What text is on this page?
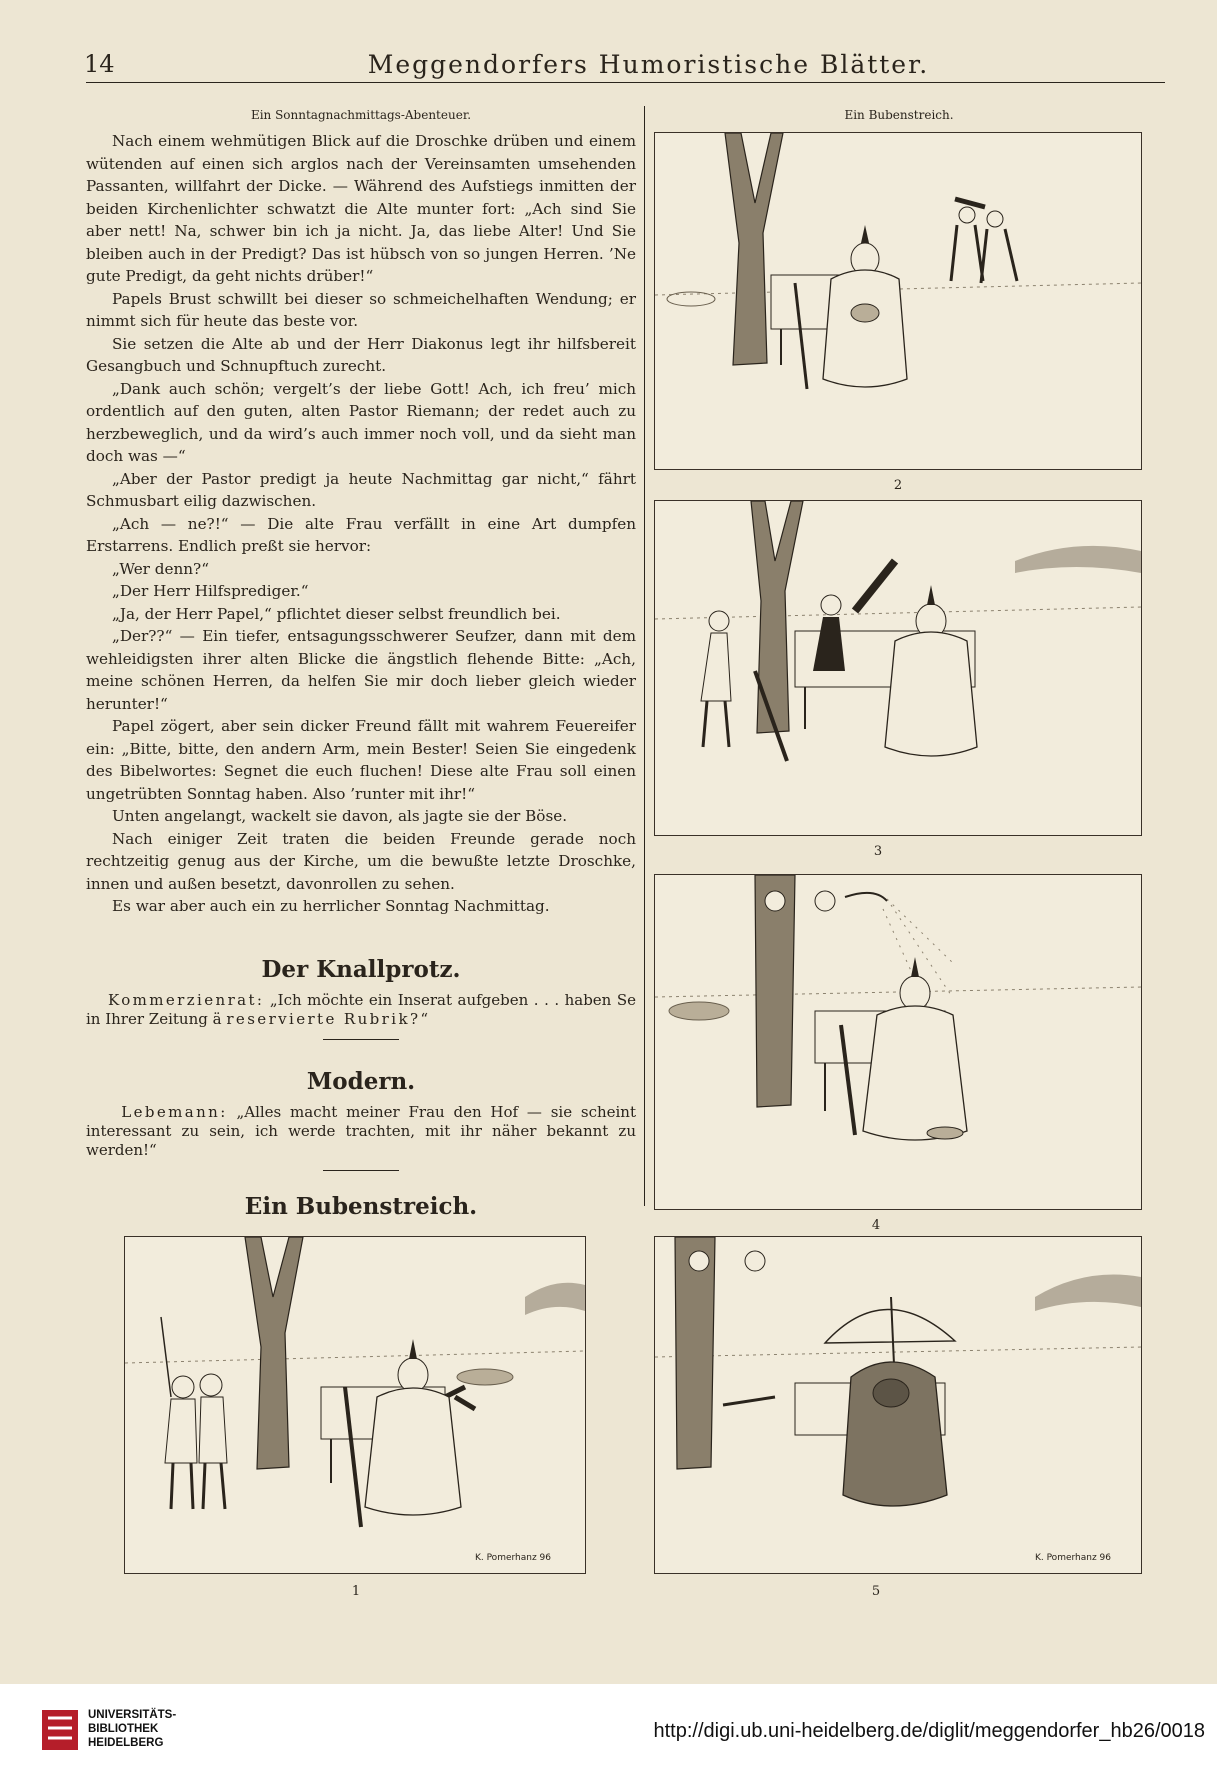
14	Meggendorfers Humoristische Blätter.
Ein Sonntagnachmittags-Abenteuer.

Nach einem wehmütigen Blick auf die Droschke drüben und einem wütenden auf einen sich arglos nach der Vereinsamten umsehenden Passanten, willfahrt der Dicke. — Während des Aufstiegs inmitten der beiden Kirchenlichter schwatzt die Alte munter fort: „Ach sind Sie aber nett! Na, schwer bin ich ja nicht. Ja, das liebe Alter! Und Sie bleiben auch in der Predigt? Das ist hübsch von so jungen Herren. ’Ne gute Predigt, da geht nichts drüber!“

Papels Brust schwillt bei dieser so schmeichelhaften Wendung; er nimmt sich für heute das beste vor.

Sie setzen die Alte ab und der Herr Diakonus legt ihr hilfsbereit Gesangbuch und Schnupftuch zurecht.

„Dank auch schön; vergelt’s der liebe Gott! Ach, ich freu’ mich ordentlich auf den guten, alten Pastor Riemann; der redet auch zu herzbeweglich, und da wird’s auch immer noch voll, und da sieht man doch was —“

„Aber der Pastor predigt ja heute Nachmittag gar nicht,“ fährt Schmusbart eilig dazwischen.

„Ach — ne?!“ — Die alte Frau verfällt in eine Art dumpfen Erstarrens. Endlich preßt sie hervor:

„Wer denn?“

„Der Herr Hilfsprediger.“

„Ja, der Herr Papel,“ pflichtet dieser selbst freundlich bei.

„Der??“ — Ein tiefer, entsagungsschwerer Seufzer, dann mit dem wehleidigsten ihrer alten Blicke die ängstlich flehende Bitte: „Ach, meine schönen Herren, da helfen Sie mir doch lieber gleich wieder herunter!“

Papel zögert, aber sein dicker Freund fällt mit wahrem Feuereifer ein: „Bitte, bitte, den andern Arm, mein Bester! Seien Sie eingedenk des Bibelwortes: Segnet die euch fluchen! Diese alte Frau soll einen ungetrübten Sonntag haben. Also ’runter mit ihr!“

Unten angelangt, wackelt sie davon, als jagte sie der Böse.

Nach einiger Zeit traten die beiden Freunde gerade noch rechtzeitig genug aus der Kirche, um die bewußte letzte Droschke, innen und außen besetzt, davonrollen zu sehen.

Es war aber auch ein zu herrlicher Sonntag Nachmittag.

Der Knallprotz.
Kommerzienrat: „Ich möchte ein Inserat aufgeben . . . haben Se in Ihrer Zeitung ä reservierte Rubrik?“
Modern.
Lebemann: „Alles macht meiner Frau den Hof — sie scheint interessant zu sein, ich werde trachten, mit ihr näher bekannt zu werden!“
Ein Bubenstreich.
Ein Bubenstreich.
2
3
4
K. Pomerhanz 96
5
K. Pomerhanz 96
1
UNIVERSITÄTS-
BIBLIOTHEK
HEIDELBERG
http://digi.ub.uni-heidelberg.de/diglit/meggendorfer_hb26/0018
